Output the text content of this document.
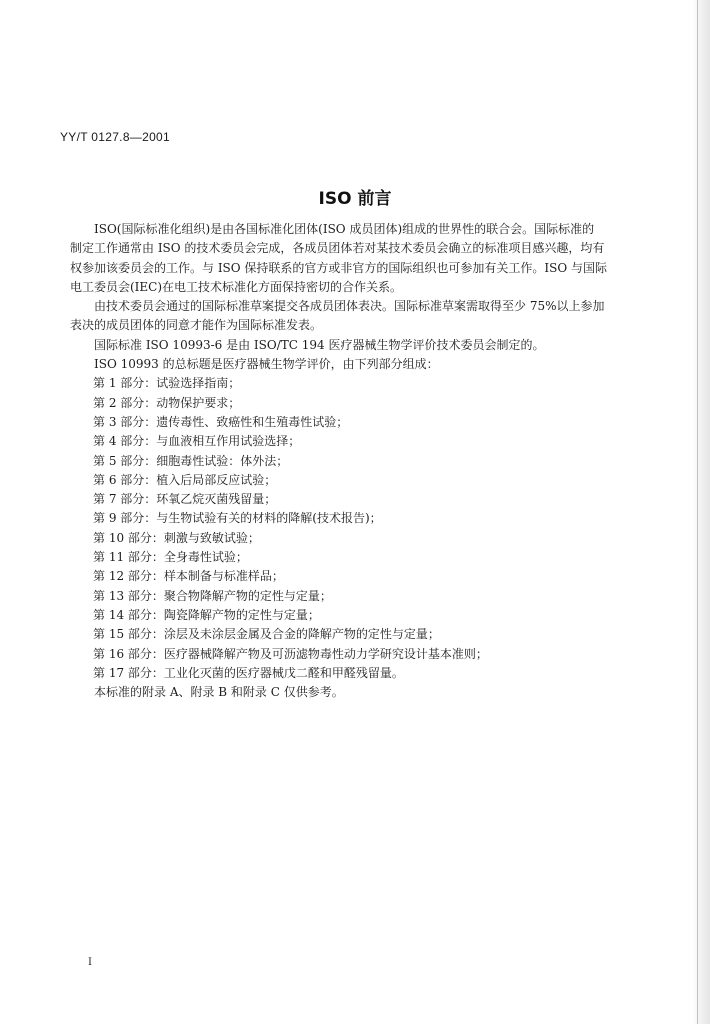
YY/T 0127.8—2001
ISO 前言
ISO(国际标准化组织)是由各国标准化团体(ISO 成员团体)组成的世界性的联合会。国际标准的
制定工作通常由 ISO 的技术委员会完成，各成员团体若对某技术委员会确立的标准项目感兴趣，均有
权参加该委员会的工作。与 ISO 保持联系的官方或非官方的国际组织也可参加有关工作。ISO 与国际
电工委员会(IEC)在电工技术标准化方面保持密切的合作关系。
由技术委员会通过的国际标准草案提交各成员团体表决。国际标准草案需取得至少 75%以上参加
表决的成员团体的同意才能作为国际标准发表。
国际标准 ISO 10993-6 是由 ISO/TC 194 医疗器械生物学评价技术委员会制定的。
ISO 10993 的总标题是医疗器械生物学评价，由下列部分组成：
第 1 部分：试验选择指南；
第 2 部分：动物保护要求；
第 3 部分：遗传毒性、致癌性和生殖毒性试验；
第 4 部分：与血液相互作用试验选择；
第 5 部分：细胞毒性试验：体外法；
第 6 部分：植入后局部反应试验；
第 7 部分：环氧乙烷灭菌残留量；
第 9 部分：与生物试验有关的材料的降解(技术报告)；
第 10 部分：刺激与致敏试验；
第 11 部分：全身毒性试验；
第 12 部分：样本制备与标准样品；
第 13 部分：聚合物降解产物的定性与定量；
第 14 部分：陶瓷降解产物的定性与定量；
第 15 部分：涂层及未涂层金属及合金的降解产物的定性与定量；
第 16 部分：医疗器械降解产物及可沥滤物毒性动力学研究设计基本准则；
第 17 部分：工业化灭菌的医疗器械戊二醛和甲醛残留量。
本标准的附录 A、附录 B 和附录 C 仅供参考。
I
